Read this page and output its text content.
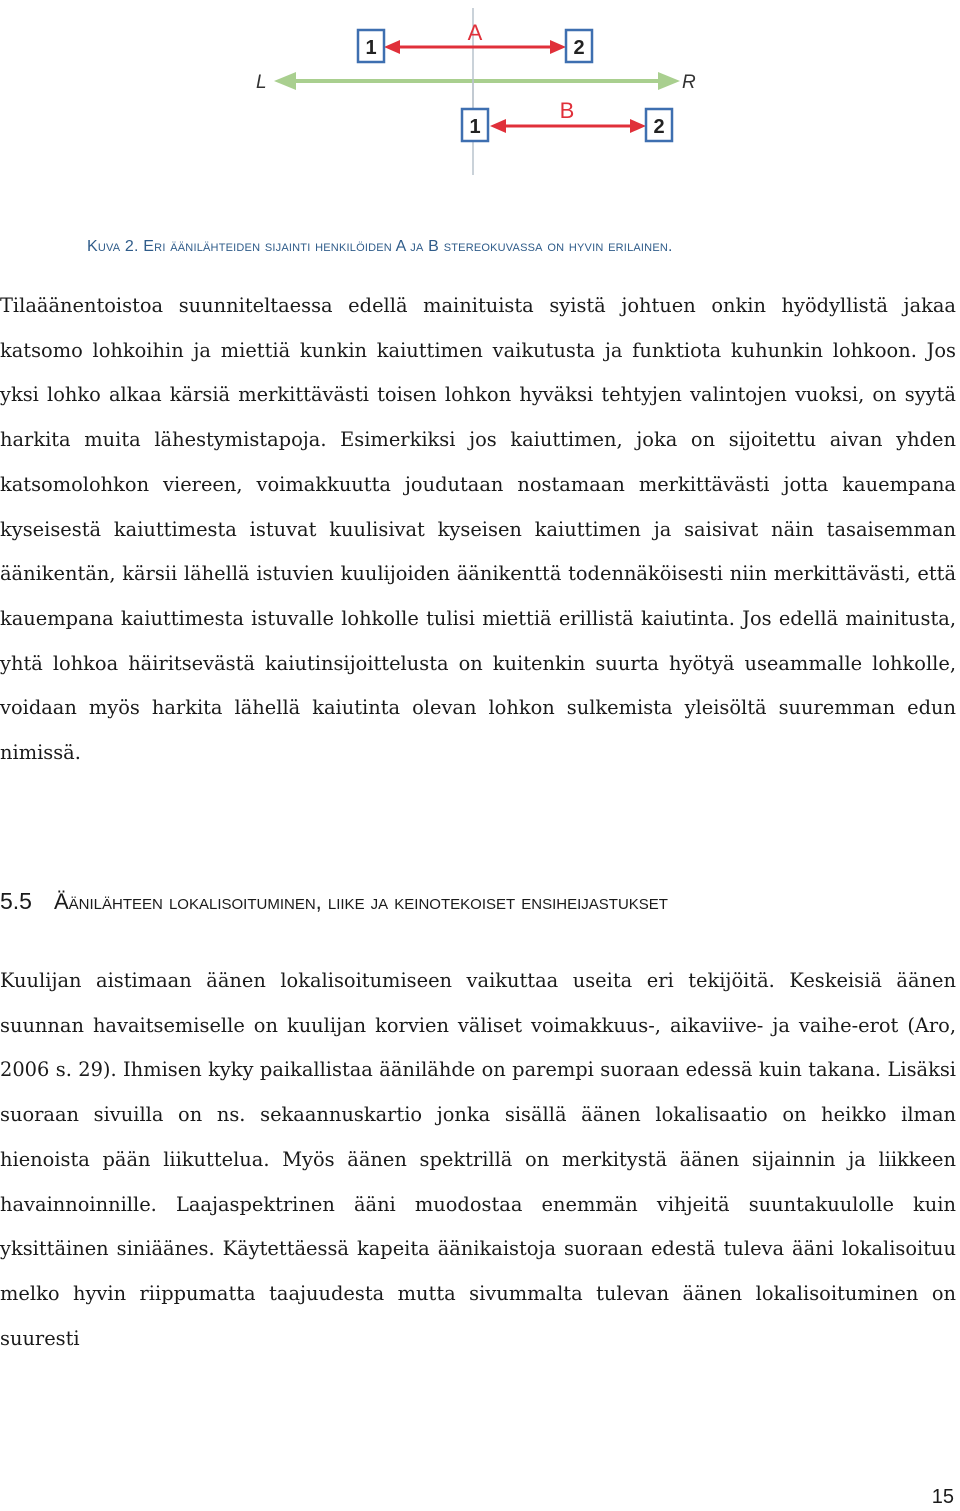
1	2
1	2
A
B
L	R
Kuva 2. Eri äänilähteiden sijainti henkilöiden A ja B stereokuvassa on hyvin erilainen.

Tilaäänentoistoa suunniteltaessa edellä mainituista syistä johtuen onkin hyödyllistä jakaa katsomo lohkoihin ja miettiä kunkin kaiuttimen vaikutusta ja funktiota kuhunkin lohkoon. Jos yksi lohko alkaa kärsiä merkittävästi toisen lohkon hyväksi tehtyjen valintojen vuoksi, on syytä harkita muita lähestymistapoja. Esimerkiksi jos kaiuttimen, joka on sijoitettu aivan yhden katsomolohkon viereen, voimakkuutta joudutaan nostamaan merkittävästi jotta kauempana kyseisestä kaiuttimesta istuvat kuulisivat kyseisen kaiuttimen ja saisivat näin tasaisemman äänikentän, kärsii lähellä istuvien kuulijoiden äänikenttä todennäköisesti niin merkittävästi, että kauempana kaiuttimesta istuvalle lohkolle tulisi miettiä erillistä kaiutinta. Jos edellä mainitusta, yhtä lohkoa häiritsevästä kaiutinsijoittelusta on kuitenkin suurta hyötyä useammalle lohkolle, voidaan myös harkita lähellä kaiutinta olevan lohkon sulkemista yleisöltä suuremman edun nimissä.

5.5 Äänilähteen lokalisoituminen, liike ja keinotekoiset ensiheijastukset

Kuulijan aistimaan äänen lokalisoitumiseen vaikuttaa useita eri tekijöitä. Keskeisiä äänen suunnan havaitsemiselle on kuulijan korvien väliset voimakkuus-, aikaviive- ja vaihe-erot (Aro, 2006 s. 29). Ihmisen kyky paikallistaa äänilähde on parempi suoraan edessä kuin takana. Lisäksi suoraan sivuilla on ns. sekaannuskartio jonka sisällä äänen lokalisaatio on heikko ilman hienoista pään liikuttelua. Myös äänen spektrillä on merkitystä äänen sijainnin ja liikkeen havainnoinnille. Laajaspektrinen ääni muodostaa enemmän vihjeitä suuntakuulolle kuin yksittäinen siniäänes. Käytettäessä kapeita äänikaistoja suoraan edestä tuleva ääni lokalisoituu melko hyvin riippumatta taajuudesta mutta sivummalta tulevan äänen lokalisoituminen on suuresti

15
